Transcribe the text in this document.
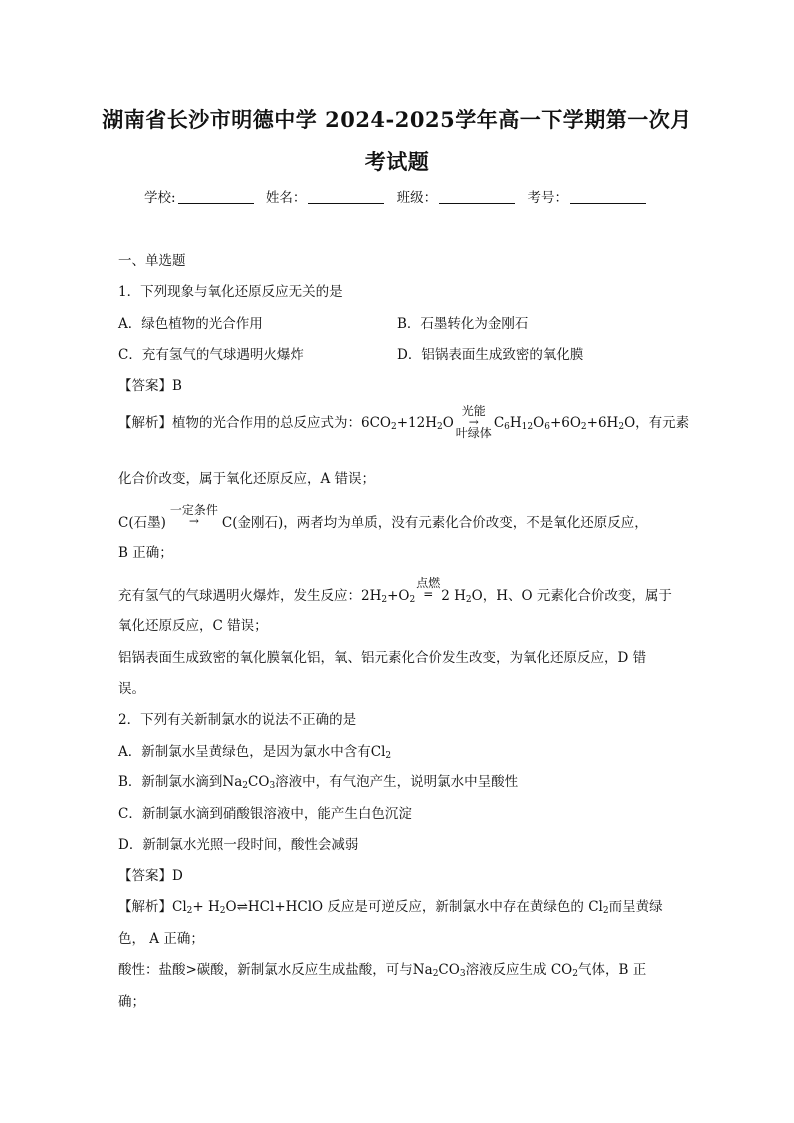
湖南省长沙市明德中学 2024-2025学年高一下学期第一次月
考试题
学校:	姓名：	班级：	考号：
一、单选题
1．下列现象与氧化还原反应无关的是
A．绿色植物的光合作用	B．石墨转化为金刚石
C．充有氢气的气球遇明火爆炸	D．铝锅表面生成致密的氧化膜
【答案】B
【解析】植物的光合作用的总反应式为：$6CO_2+12H_2O$
光能
→
叶绿体
$C_6H_{12}O_6+6O_2+6H_2O$，有元素
化合价改变，属于氧化还原反应，A 错误；
C(石墨)
一定条件
→	C(金刚石)，两者均为单质，没有元素化合价改变，不是氧化还原反应，
B 正确；
充有氢气的气球遇明火爆炸，发生反应：$2H_2+O_2$
点燃
= 2 $H_2O$，H、O 元素化合价改变，属于
氧化还原反应，C 错误；
铝锅表面生成致密的氧化膜氧化铝，氧、铝元素化合价发生改变，为氧化还原反应，D 错
误。
2．下列有关新制氯水的说法不正确的是
A．新制氯水呈黄绿色，是因为氯水中含有$Cl_2$
B．新制氯水滴到$Na_2CO_3$溶液中，有气泡产生，说明氯水中呈酸性
C．新制氯水滴到硝酸银溶液中，能产生白色沉淀
D．新制氯水光照一段时间，酸性会减弱
【答案】D
【解析】$Cl_2+$ $H_2O\rightleftharpoons HCl+HClO$ 反应是可逆反应，新制氯水中存在黄绿色的 $Cl_2$而呈黄绿
色， A 正确；
酸性：盐酸>碳酸，新制氯水反应生成盐酸，可与$Na_2CO_3$溶液反应生成 $CO_2$气体，B 正
确；
